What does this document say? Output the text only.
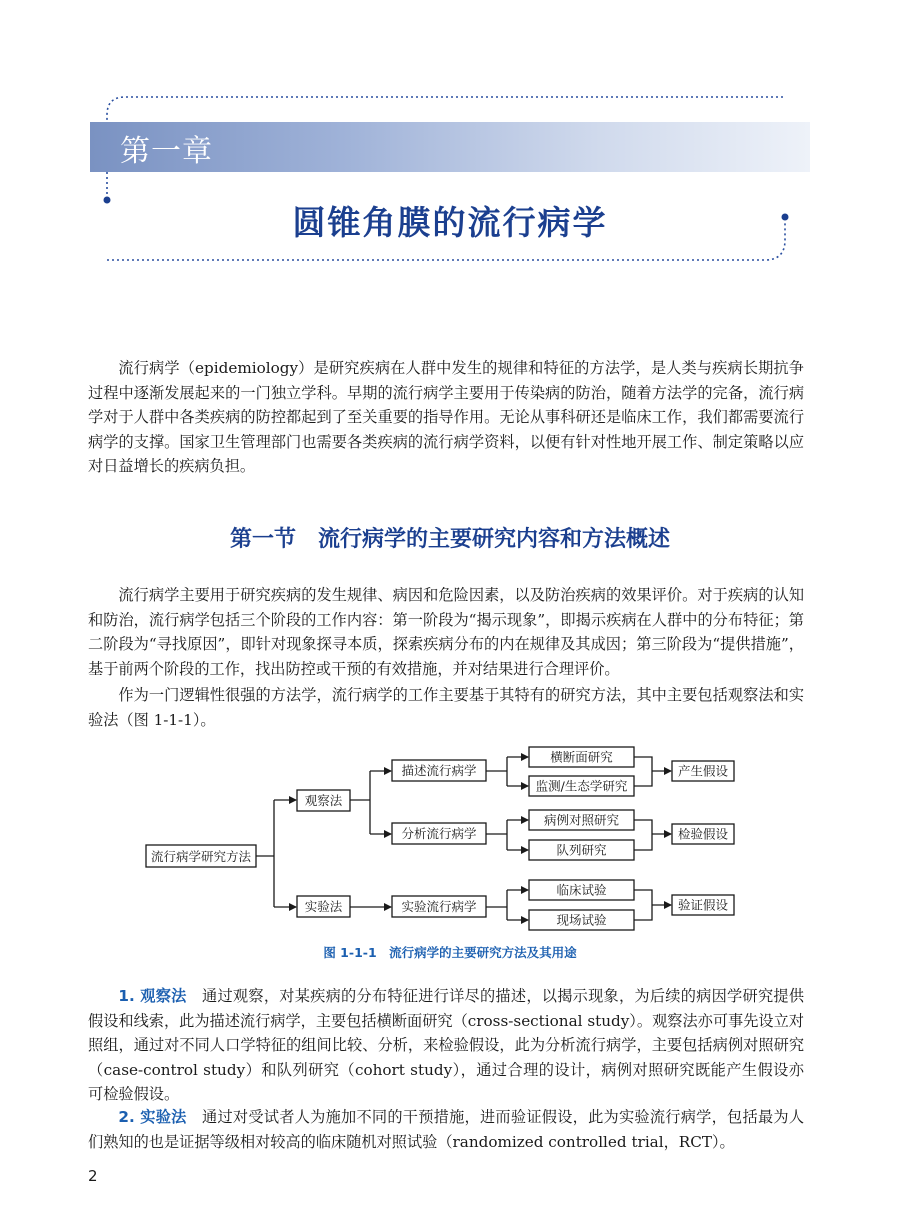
第一章
圆锥角膜的流行病学
流行病学（epidemiology）是研究疾病在人群中发生的规律和特征的方法学，是人类与疾病长期抗争过程中逐渐发展起来的一门独立学科。早期的流行病学主要用于传染病的防治，随着方法学的完备，流行病学对于人群中各类疾病的防控都起到了至关重要的指导作用。无论从事科研还是临床工作，我们都需要流行病学的支撑。国家卫生管理部门也需要各类疾病的流行病学资料，以便有针对性地开展工作、制定策略以应对日益增长的疾病负担。
第一节　流行病学的主要研究内容和方法概述
流行病学主要用于研究疾病的发生规律、病因和危险因素，以及防治疾病的效果评价。对于疾病的认知和防治，流行病学包括三个阶段的工作内容：第一阶段为“揭示现象”，即揭示疾病在人群中的分布特征；第二阶段为“寻找原因”，即针对现象探寻本质，探索疾病分布的内在规律及其成因；第三阶段为“提供措施”，基于前两个阶段的工作，找出防控或干预的有效措施，并对结果进行合理评价。
作为一门逻辑性很强的方法学，流行病学的工作主要基于其特有的研究方法，其中主要包括观察法和实验法（图 1-1-1）。
流行病学研究方法
观察法
实验法
描述流行病学
分析流行病学
实验流行病学
横断面研究
监测/生态学研究
病例对照研究
队列研究
临床试验
现场试验
产生假设
检验假设
验证假设
图 1-1-1　流行病学的主要研究方法及其用途
1. 观察法　 通过观察，对某疾病的分布特征进行详尽的描述，以揭示现象，为后续的病因学研究提供假设和线索，此为描述流行病学，主要包括横断面研究（cross-sectional study）。观察法亦可事先设立对照组，通过对不同人口学特征的组间比较、分析，来检验假设，此为分析流行病学，主要包括病例对照研究（case-control study）和队列研究（cohort study），通过合理的设计，病例对照研究既能产生假设亦可检验假设。
2. 实验法　 通过对受试者人为施加不同的干预措施，进而验证假设，此为实验流行病学，包括最为人们熟知的也是证据等级相对较高的临床随机对照试验（randomized controlled trial，RCT）。
2
